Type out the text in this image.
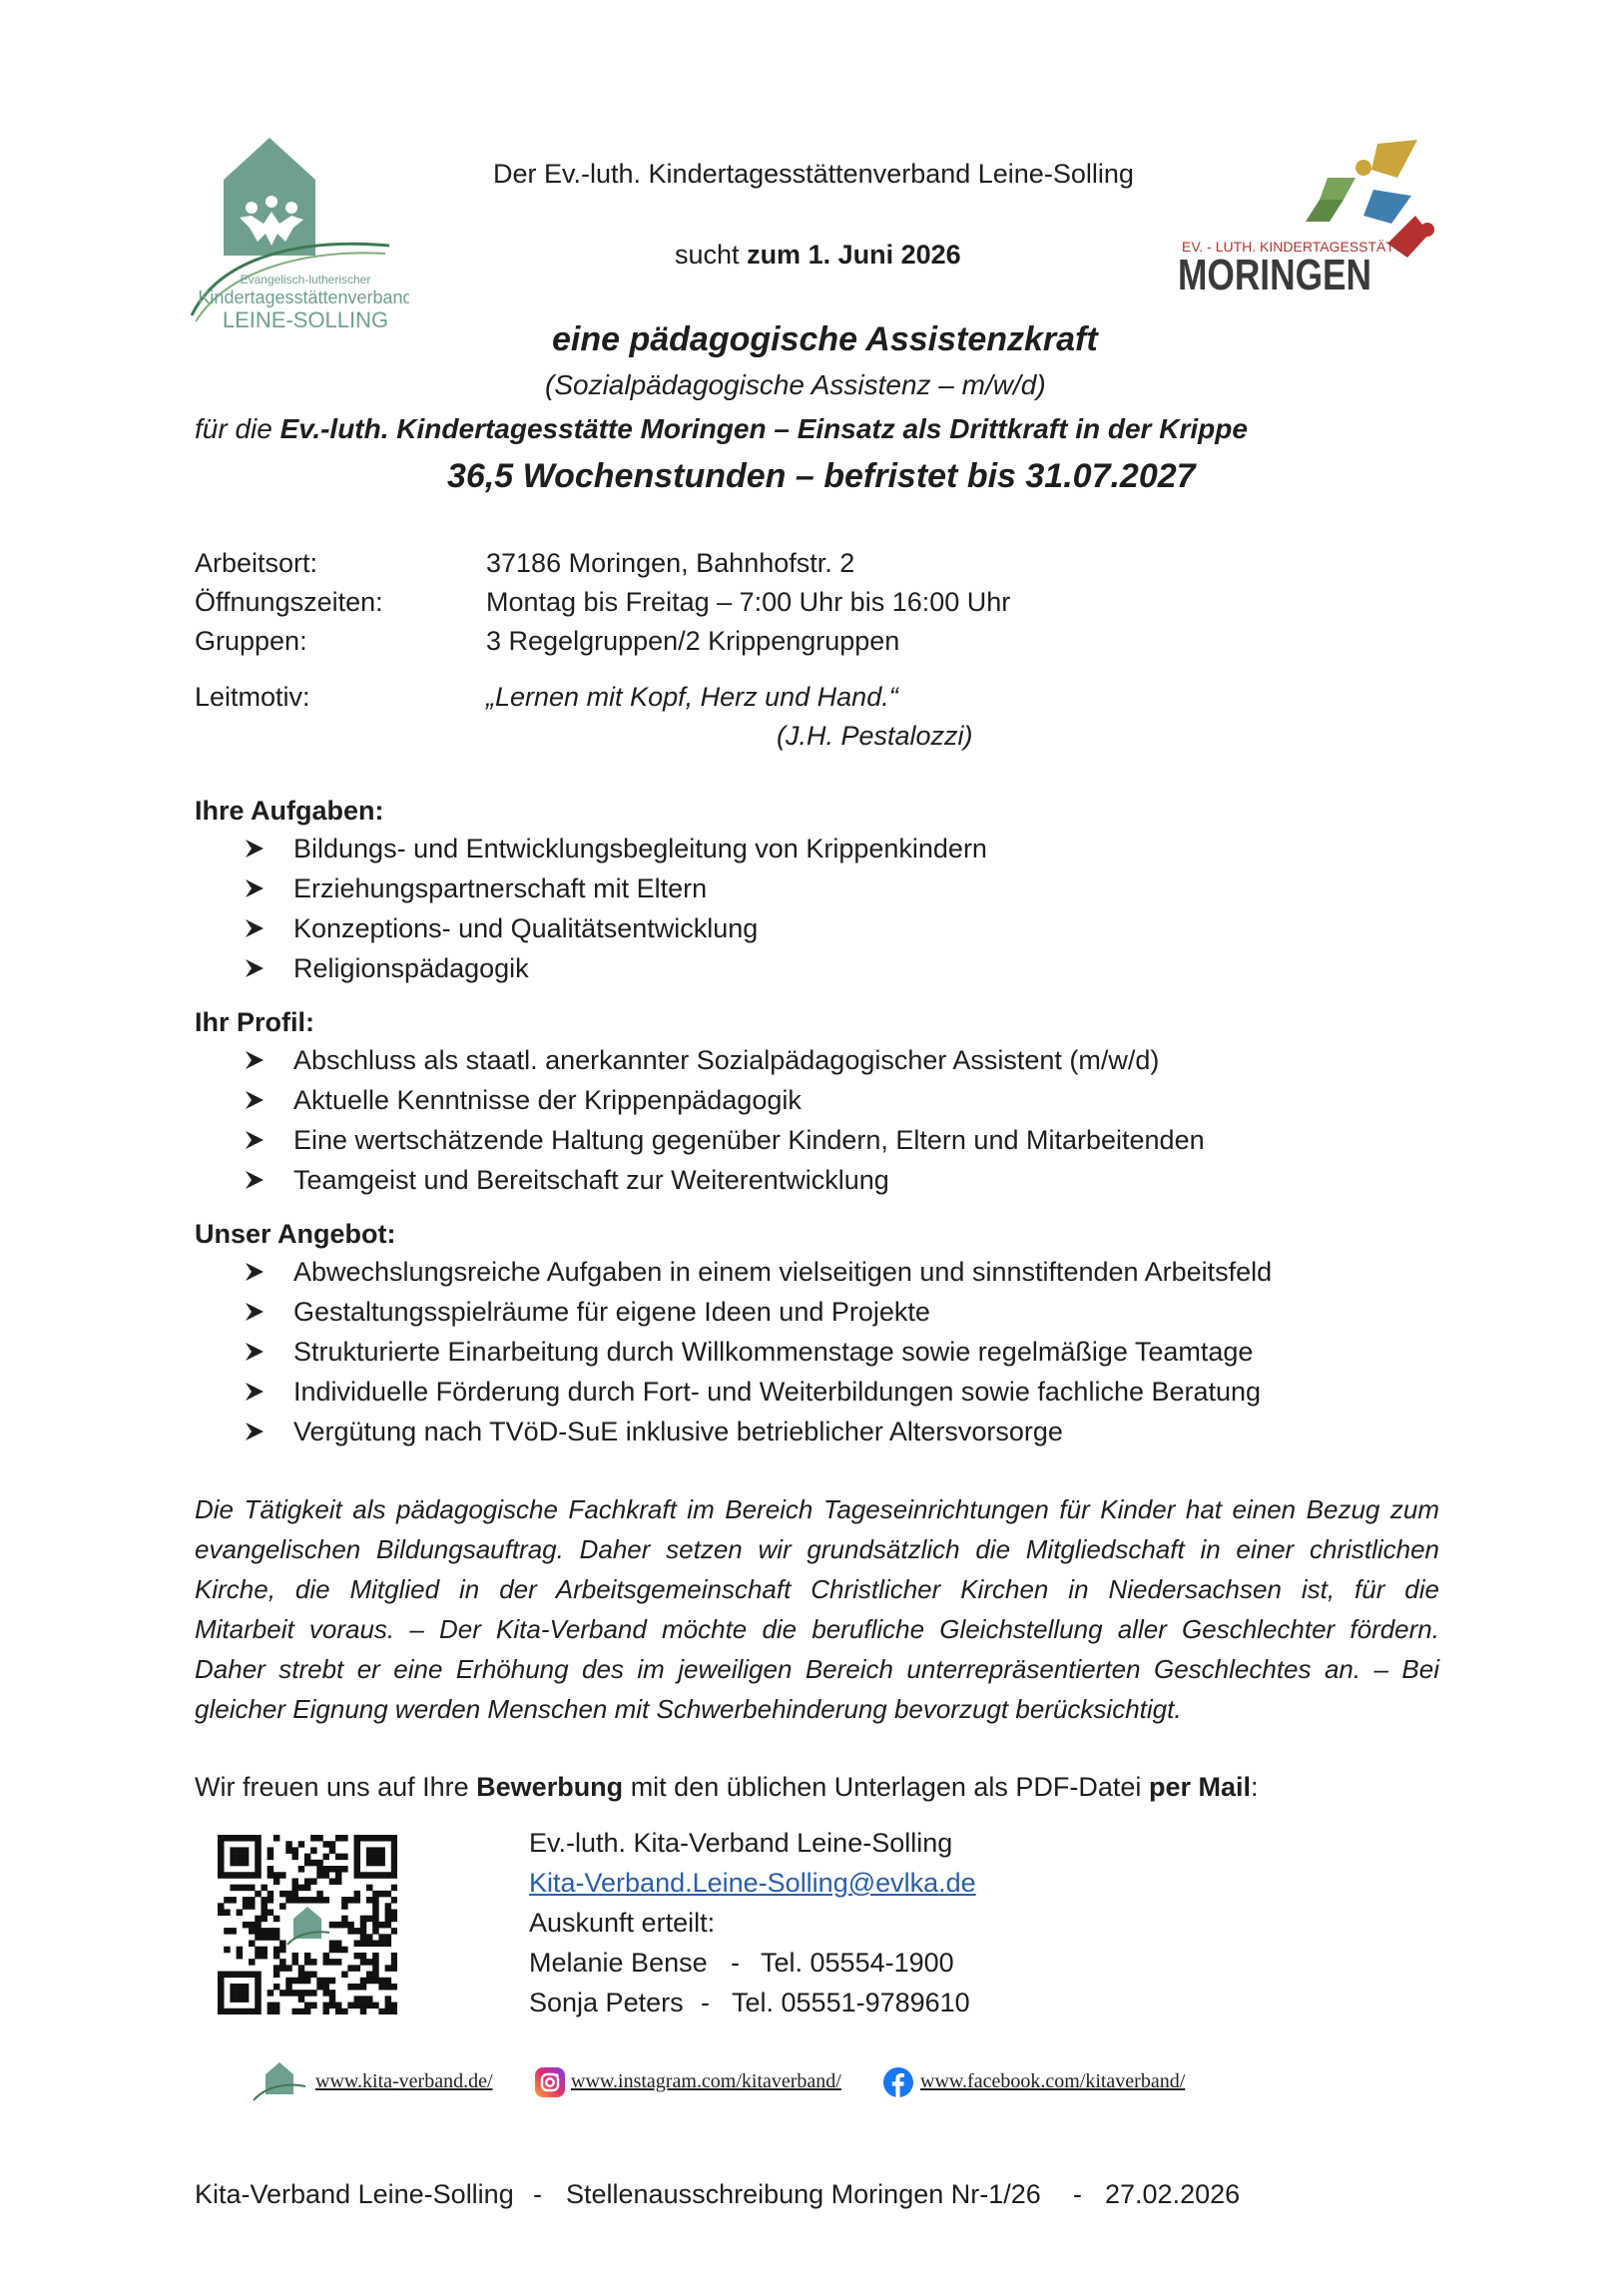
Evangelisch-lutherischer
Kindertagesstättenverband
LEINE-SOLLING
Der Ev.-luth. Kindertagesstättenverband Leine-Solling
sucht zum 1. Juni 2026	EV. - LUTH. KINDERTAGESSTÄTTE
MORINGEN
eine pädagogische Assistenzkraft
(Sozialpädagogische Assistenz – m/w/d)
für die Ev.-luth. Kindertagesstätte Moringen – Einsatz als Drittkraft in der Krippe
36,5 Wochenstunden – befristet bis 31.07.2027
Arbeitsort:	37186 Moringen, Bahnhofstr. 2
Öffnungszeiten:	Montag bis Freitag – 7:00 Uhr bis 16:00 Uhr
Gruppen:	3 Regelgruppen/2 Krippengruppen
Leitmotiv:	„Lernen mit Kopf, Herz und Hand.“
(J.H. Pestalozzi)
Ihre Aufgaben:
Bildungs- und Entwicklungsbegleitung von Krippenkindern
Erziehungspartnerschaft mit Eltern
Konzeptions- und Qualitätsentwicklung
Religionspädagogik
Ihr Profil:
Abschluss als staatl. anerkannter Sozialpädagogischer Assistent (m/w/d)
Aktuelle Kenntnisse der Krippenpädagogik
Eine wertschätzende Haltung gegenüber Kindern, Eltern und Mitarbeitenden
Teamgeist und Bereitschaft zur Weiterentwicklung
Unser Angebot:
Abwechslungsreiche Aufgaben in einem vielseitigen und sinnstiftenden Arbeitsfeld
Gestaltungsspielräume für eigene Ideen und Projekte
Strukturierte Einarbeitung durch Willkommenstage sowie regelmäßige Teamtage
Individuelle Förderung durch Fort- und Weiterbildungen sowie fachliche Beratung
Vergütung nach TVöD-SuE inklusive betrieblicher Altersvorsorge
Die Tätigkeit als pädagogische Fachkraft im Bereich Tageseinrichtungen für Kinder hat einen Bezug zum
evangelischen Bildungsauftrag. Daher setzen wir grundsätzlich die Mitgliedschaft in einer christlichen
Kirche, die Mitglied in der Arbeitsgemeinschaft Christlicher Kirchen in Niedersachsen ist, für die
Mitarbeit voraus. – Der Kita-Verband möchte die berufliche Gleichstellung aller Geschlechter fördern.
Daher strebt er eine Erhöhung des im jeweiligen Bereich unterrepräsentierten Geschlechtes an. – Bei
gleicher Eignung werden Menschen mit Schwerbehinderung bevorzugt berücksichtigt.
Wir freuen uns auf Ihre Bewerbung mit den üblichen Unterlagen als PDF-Datei per Mail:
Ev.-luth. Kita-Verband Leine-Solling
Kita-Verband.Leine-Solling@evlka.de
Auskunft erteilt:
Melanie Bense - Tel. 05554-1900
Sonja Peters - Tel. 05551-9789610
www.kita-verband.de/	www.instagram.com/kitaverband/	www.facebook.com/kitaverband/
Kita-Verband Leine-Solling - Stellenausschreibung Moringen Nr-1/26 - 27.02.2026
